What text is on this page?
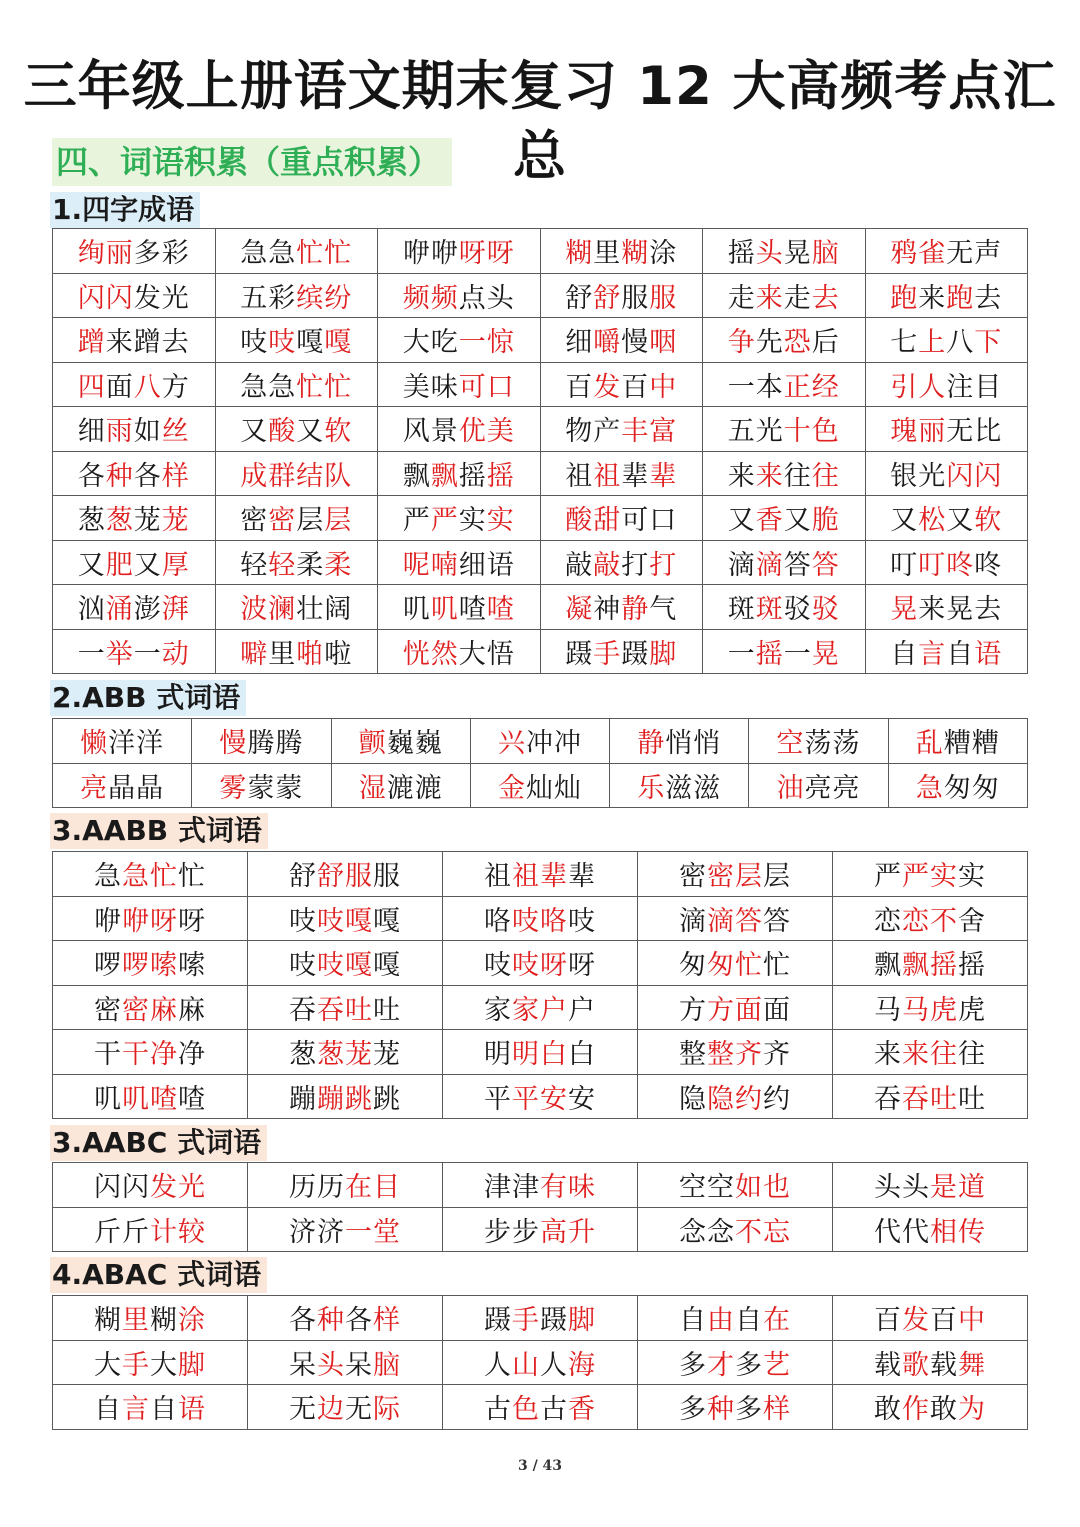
三年级上册语文期末复习 12 大高频考点汇总
四、词语积累（重点积累）
1.四字成语
绚丽多彩	急急忙忙	咿咿呀呀	糊里糊涂	摇头晃脑	鸦雀无声
闪闪发光	五彩缤纷	频频点头	舒舒服服	走来走去	跑来跑去
蹭来蹭去	吱吱嘎嘎	大吃一惊	细嚼慢咽	争先恐后	七上八下
四面八方	急急忙忙	美味可口	百发百中	一本正经	引人注目
细雨如丝	又酸又软	风景优美	物产丰富	五光十色	瑰丽无比
各种各样	成群结队	飘飘摇摇	祖祖辈辈	来来往往	银光闪闪
葱葱茏茏	密密层层	严严实实	酸甜可口	又香又脆	又松又软
又肥又厚	轻轻柔柔	呢喃细语	敲敲打打	滴滴答答	叮叮咚咚
汹涌澎湃	波澜壮阔	叽叽喳喳	凝神静气	斑斑驳驳	晃来晃去
一举一动	噼里啪啦	恍然大悟	蹑手蹑脚	一摇一晃	自言自语
2.ABB 式词语
懒洋洋	慢腾腾	颤巍巍	兴冲冲	静悄悄	空荡荡	乱糟糟
亮晶晶	雾蒙蒙	湿漉漉	金灿灿	乐滋滋	油亮亮	急匆匆
3.AABB 式词语
急急忙忙	舒舒服服	祖祖辈辈	密密层层	严严实实
咿咿呀呀	吱吱嘎嘎	咯吱咯吱	滴滴答答	恋恋不舍
啰啰嗦嗦	吱吱嘎嘎	吱吱呀呀	匆匆忙忙	飘飘摇摇
密密麻麻	吞吞吐吐	家家户户	方方面面	马马虎虎
干干净净	葱葱茏茏	明明白白	整整齐齐	来来往往
叽叽喳喳	蹦蹦跳跳	平平安安	隐隐约约	吞吞吐吐
3.AABC 式词语
闪闪发光	历历在目	津津有味	空空如也	头头是道
斤斤计较	济济一堂	步步高升	念念不忘	代代相传
4.ABAC 式词语
糊里糊涂	各种各样	蹑手蹑脚	自由自在	百发百中
大手大脚	呆头呆脑	人山人海	多才多艺	载歌载舞
自言自语	无边无际	古色古香	多种多样	敢作敢为
3 / 43
